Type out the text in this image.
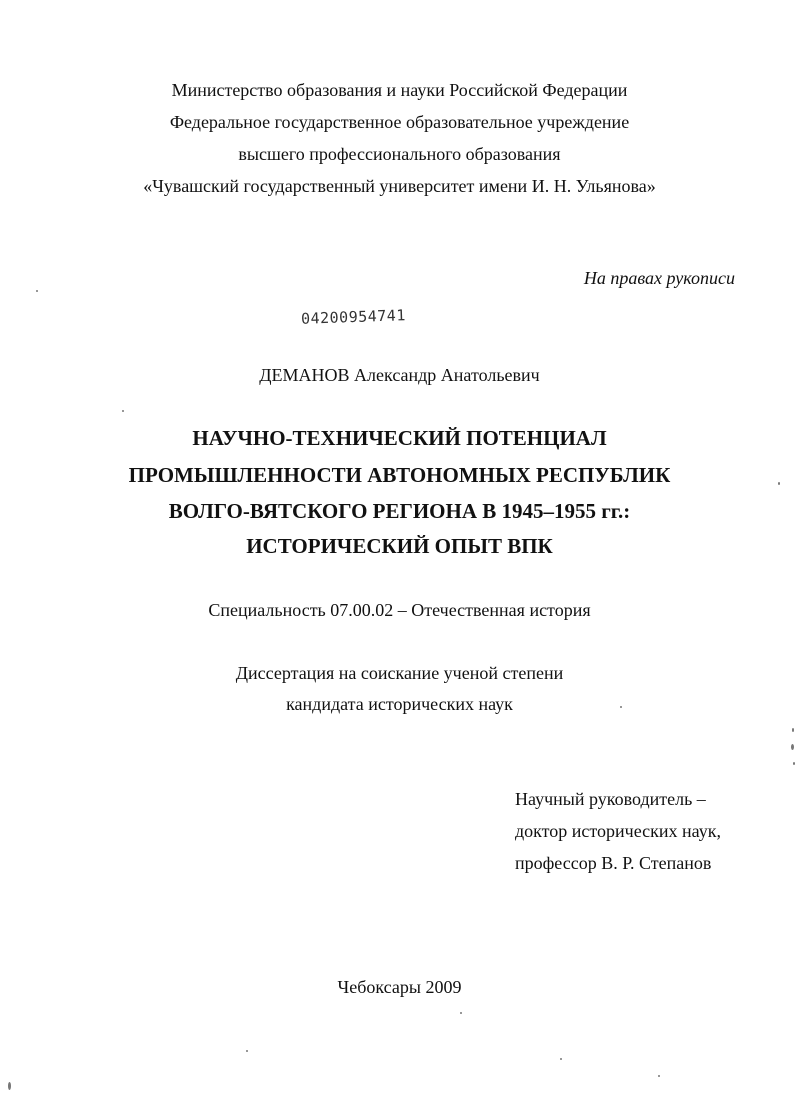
Министерство образования и науки Российской Федерации
Федеральное государственное образовательное учреждение
высшего профессионального образования
«Чувашский государственный университет имени И. Н. Ульянова»
На правах рукописи
04200954741
ДЕМАНОВ Александр Анатольевич
НАУЧНО-ТЕХНИЧЕСКИЙ ПОТЕНЦИАЛ
ПРОМЫШЛЕННОСТИ АВТОНОМНЫХ РЕСПУБЛИК
ВОЛГО-ВЯТСКОГО РЕГИОНА В 1945–1955 гг.:
ИСТОРИЧЕСКИЙ ОПЫТ ВПК
Специальность 07.00.02 – Отечественная история
Диссертация на соискание ученой степени
кандидата исторических наук
Научный руководитель –
доктор исторических наук,
профессор В. Р. Степанов
Чебоксары 2009
